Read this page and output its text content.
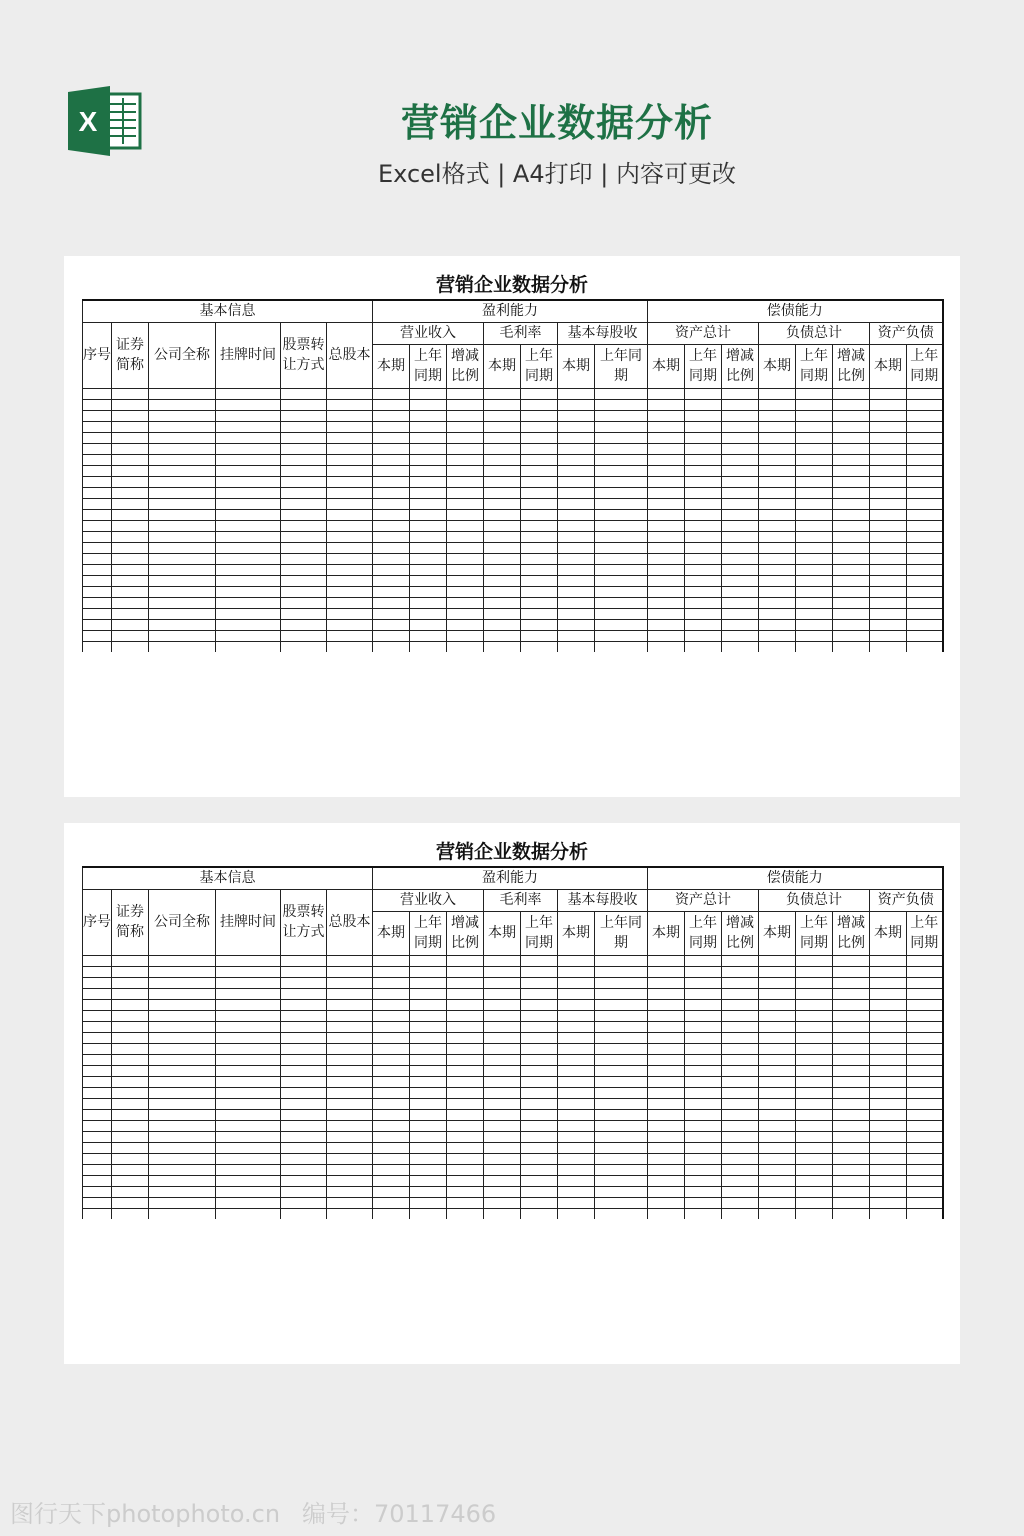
X	营销企业数据分析
Excel格式 | A4打印 | 内容可更改
营销企业数据分析
基本信息						盈利能力							偿债能力							
序号	证券简称	公司全称	挂牌时间	股票转让方式	总股本	营业收入			毛利率		基本每股收		资产总计			负债总计			资产负债	
						本期	上年同期	增减比例	本期	上年同期	本期	上年同期	本期	上年同期	增减比例	本期	上年同期	增减比例	本期	上年同期

营销企业数据分析
基本信息						盈利能力							偿债能力							
序号	证券简称	公司全称	挂牌时间	股票转让方式	总股本	营业收入			毛利率		基本每股收		资产总计			负债总计			资产负债	
						本期	上年同期	增减比例	本期	上年同期	本期	上年同期	本期	上年同期	增减比例	本期	上年同期	增减比例	本期	上年同期

图行天下photophoto.cn 编号：70117466
